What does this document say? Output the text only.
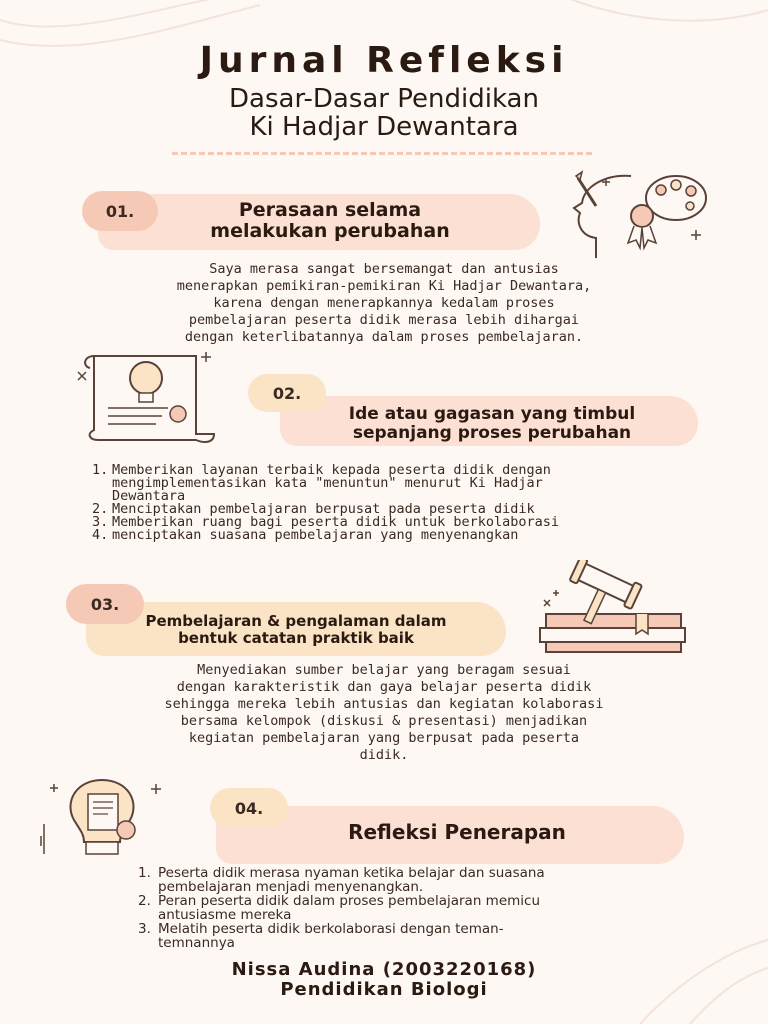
Jurnal Refleksi
Dasar-Dasar Pendidikan
Ki Hadjar Dewantara
01.	Perasaan selama
melakukan perubahan
Saya merasa sangat bersemangat dan antusias
menerapkan pemikiran-pemikiran Ki Hadjar Dewantara,
karena dengan menerapkannya kedalam proses
pembelajaran peserta didik merasa lebih dihargai
dengan keterlibatannya dalam proses pembelajaran.
02.
Ide atau gagasan yang timbul
sepanjang proses perubahan
1. Memberikan layanan terbaik kepada peserta didik dengan
mengimplementasikan kata "menuntun" menurut Ki Hadjar
Dewantara
2. Menciptakan pembelajaran berpusat pada peserta didik
3. Memberikan ruang bagi peserta didik untuk berkolaborasi
4. menciptakan suasana pembelajaran yang menyenangkan
03.
Pembelajaran & pengalaman dalam
bentuk catatan praktik baik
Menyediakan sumber belajar yang beragam sesuai
dengan karakteristik dan gaya belajar peserta didik
sehingga mereka lebih antusias dan kegiatan kolaborasi
bersama kelompok (diskusi & presentasi) menjadikan
kegiatan pembelajaran yang berpusat pada peserta
didik.
04.
Refleksi Penerapan
1. Peserta didik merasa nyaman ketika belajar dan suasana
pembelajaran menjadi menyenangkan.
2. Peran peserta didik dalam proses pembelajaran memicu
antusiasme mereka
3. Melatih peserta didik berkolaborasi dengan teman-
temnannya
Nissa Audina (2003220168)
Pendidikan Biologi
